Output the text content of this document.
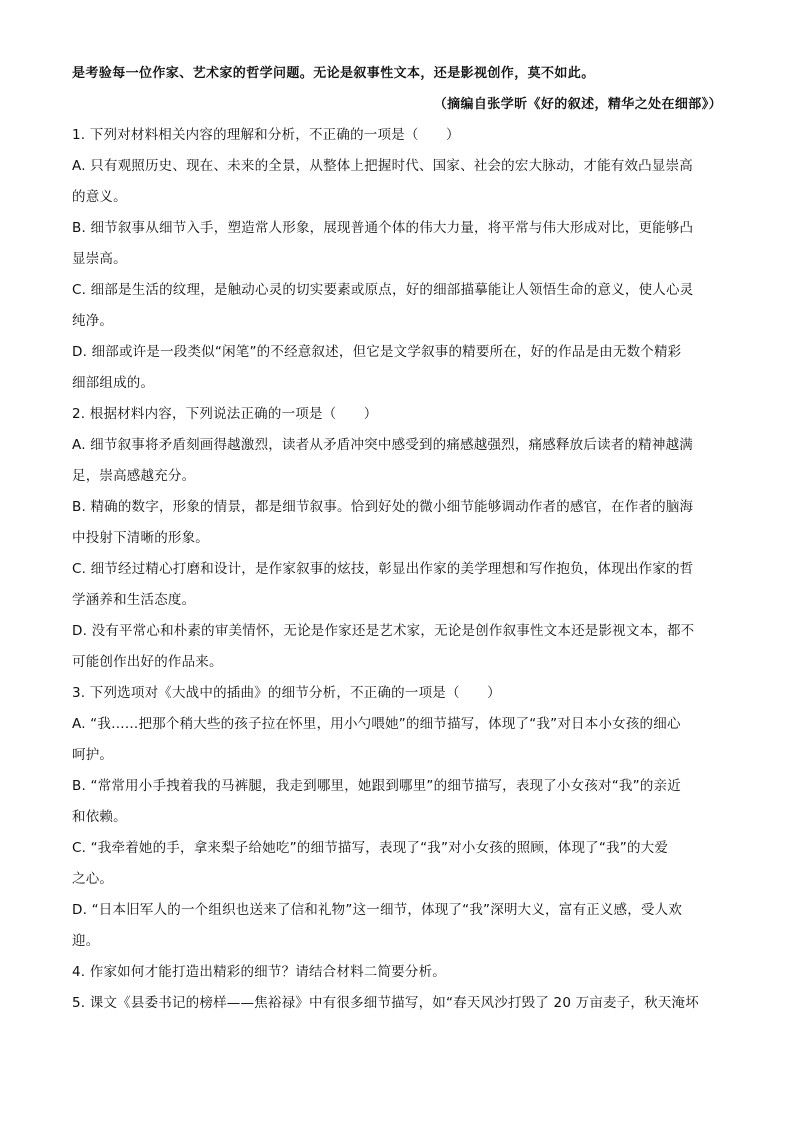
是考验每一位作家、艺术家的哲学问题。无论是叙事性文本，还是影视创作，莫不如此。
（摘编自张学昕《好的叙述，精华之处在细部》）
1. 下列对材料相关内容的理解和分析，不正确的一项是（　　）
A. 只有观照历史、现在、未来的全景，从整体上把握时代、国家、社会的宏大脉动，才能有效凸显崇高
的意义。
B. 细节叙事从细节入手，塑造常人形象，展现普通个体的伟大力量，将平常与伟大形成对比，更能够凸
显崇高。
C. 细部是生活的纹理，是触动心灵的切实要素或原点，好的细部描摹能让人领悟生命的意义，使人心灵
纯净。
D. 细部或许是一段类似“闲笔”的不经意叙述，但它是文学叙事的精要所在，好的作品是由无数个精彩
细部组成的。
2. 根据材料内容，下列说法正确的一项是（　　）
A. 细节叙事将矛盾刻画得越激烈，读者从矛盾冲突中感受到的痛感越强烈，痛感释放后读者的精神越满
足，崇高感越充分。
B. 精确的数字，形象的情景，都是细节叙事。恰到好处的微小细节能够调动作者的感官，在作者的脑海
中投射下清晰的形象。
C. 细节经过精心打磨和设计，是作家叙事的炫技，彰显出作家的美学理想和写作抱负，体现出作家的哲
学涵养和生活态度。
D. 没有平常心和朴素的审美情怀，无论是作家还是艺术家，无论是创作叙事性文本还是影视文本，都不
可能创作出好的作品来。
3. 下列选项对《大战中的插曲》的细节分析，不正确的一项是（　　）
A. “我……把那个稍大些的孩子拉在怀里，用小勺喂她”的细节描写，体现了“我”对日本小女孩的细心
呵护。
B. “常常用小手拽着我的马裤腿，我走到哪里，她跟到哪里”的细节描写，表现了小女孩对“我”的亲近
和依赖。
C. “我牵着她的手，拿来梨子给她吃”的细节描写，表现了“我”对小女孩的照顾，体现了“我”的大爱
之心。
D. “日本旧军人的一个组织也送来了信和礼物”这一细节，体现了“我”深明大义，富有正义感，受人欢
迎。
4. 作家如何才能打造出精彩的细节？请结合材料二简要分析。
5. 课文《县委书记的榜样——焦裕禄》中有很多细节描写，如“春天风沙打毁了 20 万亩麦子，秋天淹坏
